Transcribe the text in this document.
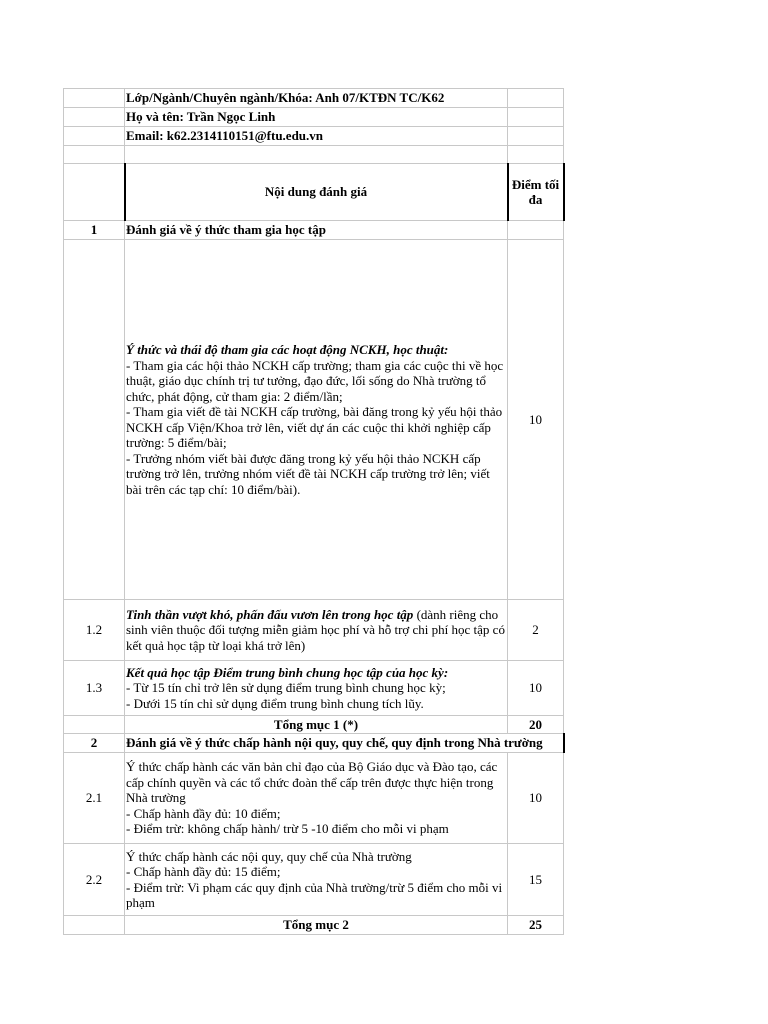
	Lớp/Ngành/Chuyên ngành/Khóa: Anh 07/KTĐN TC/K62	
	Họ và tên: Trần Ngọc Linh	
	Email: k62.2314110151@ftu.edu.vn	

	Nội dung đánh giá	Điểm tối đa
1	Đánh giá về ý thức tham gia học tập	

	Ý thức và thái độ tham gia các hoạt động NCKH, học thuật:
- Tham gia các hội thảo NCKH cấp trường; tham gia các cuộc thi về học thuật, giáo dục chính trị tư tưởng, đạo đức, lối sống do Nhà trường tổ chức, phát động, cử tham gia: 2 điểm/lần;
- Tham gia viết đề tài NCKH cấp trường, bài đăng trong kỷ yếu hội thảo NCKH cấp Viện/Khoa trở lên, viết dự án các cuộc thi khởi nghiệp cấp trường: 5 điểm/bài;
- Trưởng nhóm viết bài được đăng trong kỷ yếu hội thảo NCKH cấp trường trở lên, trưởng nhóm viết đề tài NCKH cấp trường trở lên; viết bài trên các tạp chí: 10 điểm/bài).	10
1.2	Tinh thần vượt khó, phấn đấu vươn lên trong học tập (dành riêng cho sinh viên thuộc đối tượng miễn giảm học phí và hỗ trợ chi phí học tập có kết quả học tập từ loại khá trở lên)	2
1.3	Kết quả học tập Điểm trung bình chung học tập của học kỳ:
- Từ 15 tín chỉ trở lên sử dụng điểm trung bình chung học kỳ;
- Dưới 15 tín chỉ sử dụng điểm trung bình chung tích lũy.	10
	Tổng mục 1 (*)	20
2	Đánh giá về ý thức chấp hành nội quy, quy chế, quy định trong Nhà trường	
2.1	Ý thức chấp hành các văn bản chỉ đạo của Bộ Giáo dục và Đào tạo, các cấp chính quyền và các tổ chức đoàn thể cấp trên được thực hiện trong Nhà trường
- Chấp hành đầy đủ: 10 điểm;
- Điểm trừ: không chấp hành/ trừ 5 -10 điểm cho mỗi vi phạm	10
2.2	Ý thức chấp hành các nội quy, quy chế của Nhà trường
- Chấp hành đầy đủ: 15 điểm;
- Điểm trừ: Vi phạm các quy định của Nhà trường/trừ 5 điểm cho mỗi vi phạm	15
	Tổng mục 2	25
